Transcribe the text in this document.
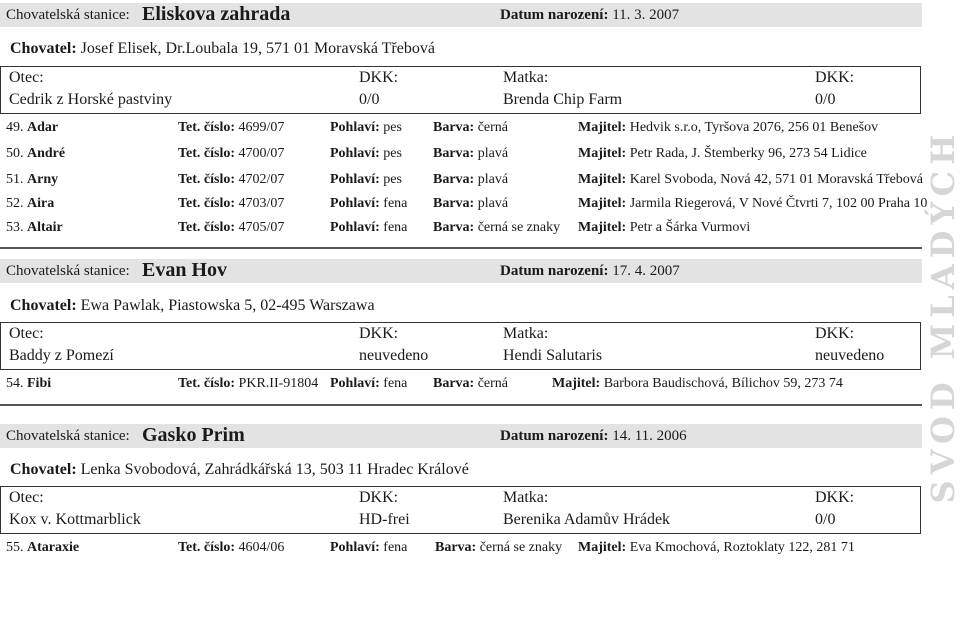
SVOD MLADÝCH
Chovatelská stanice: Eliskova zahrada	Datum narození: 11. 3. 2007
Chovatel: Josef Elisek, Dr.Loubala 19, 571 01 Moravská Třebová
Otec:	DKK:	Matka:	DKK:
Cedrik z Horské pastviny	0/0	Brenda Chip Farm	0/0
49. Adar	Tet. číslo: 4699/07	Pohlaví: pes Barva: černá	Majitel: Hedvik s.r.o, Tyršova 2076, 256 01 Benešov
50. André	Tet. číslo: 4700/07	Pohlaví: pes Barva: plavá	Majitel: Petr Rada, J. Štemberky 96, 273 54 Lidice
51. Arny	Tet. číslo: 4702/07	Pohlaví: pes Barva: plavá	Majitel: Karel Svoboda, Nová 42, 571 01 Moravská Třebová
52. Aira	Tet. číslo: 4703/07	Pohlaví: fena Barva: plavá	Majitel: Jarmila Riegerová, V Nové Čtvrti 7, 102 00 Praha 10
53. Altair	Tet. číslo: 4705/07	Pohlaví: fena Barva: černá se znaky Majitel: Petr a Šárka Vurmovi
Chovatelská stanice: Evan Hov	Datum narození: 17. 4. 2007
Chovatel: Ewa Pawlak, Piastowska 5, 02-495 Warszawa
Otec:	DKK:	Matka:	DKK:
Baddy z Pomezí	neuvedeno	Hendi Salutaris	neuvedeno
54. Fibi	Tet. číslo: PKR.II-91804 Pohlaví: fena Barva: černá	Majitel: Barbora Baudischová, Bílichov 59, 273 74
Chovatelská stanice: Gasko Prim	Datum narození: 14. 11. 2006
Chovatel: Lenka Svobodová, Zahrádkářská 13, 503 11 Hradec Králové
Otec:	DKK:	Matka:	DKK:
Kox v. Kottmarblick	HD-frei	Berenika Adamův Hrádek	0/0
55. Ataraxie	Tet. číslo: 4604/06	Pohlaví: fena Barva: černá se znaky Majitel: Eva Kmochová, Roztoklaty 122, 281 71
